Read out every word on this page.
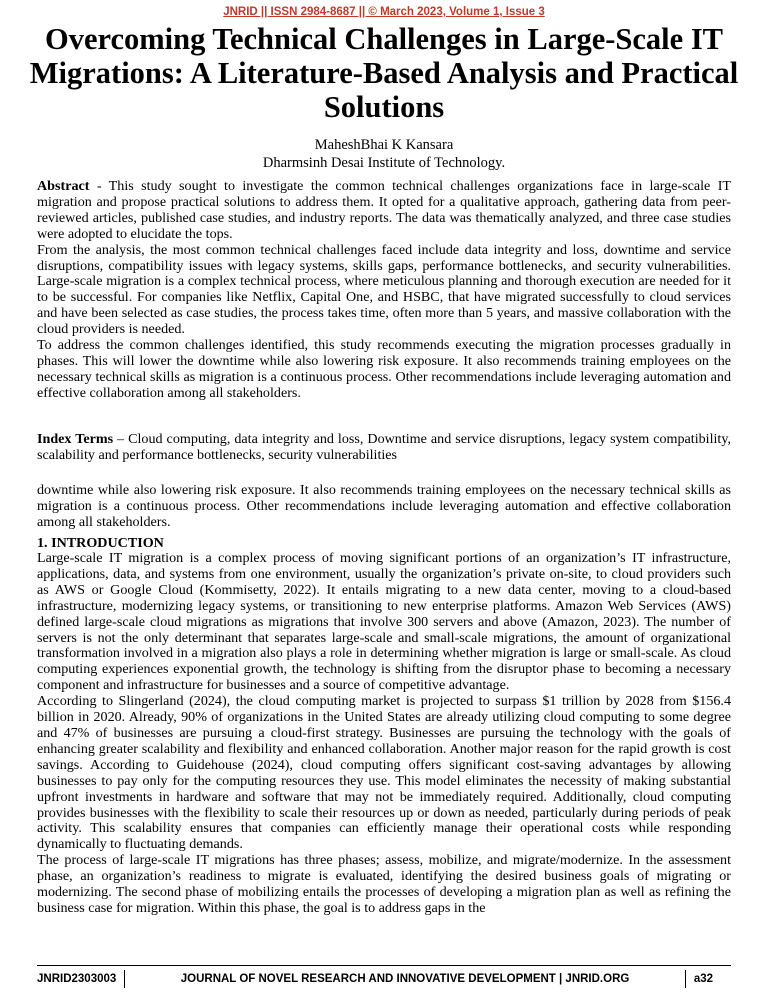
JNRID || ISSN 2984-8687 || © March 2023, Volume 1, Issue 3
Overcoming Technical Challenges in Large-Scale IT Migrations: A Literature-Based Analysis and Practical Solutions
MaheshBhai K Kansara
Dharmsinh Desai Institute of Technology.

Abstract - This study sought to investigate the common technical challenges organizations face in large-scale IT migration and propose practical solutions to address them. It opted for a qualitative approach, gathering data from peer-reviewed articles, published case studies, and industry reports. The data was thematically analyzed, and three case studies were adopted to elucidate the tops.

From the analysis, the most common technical challenges faced include data integrity and loss, downtime and service disruptions, compatibility issues with legacy systems, skills gaps, performance bottlenecks, and security vulnerabilities. Large-scale migration is a complex technical process, where meticulous planning and thorough execution are needed for it to be successful. For companies like Netflix, Capital One, and HSBC, that have migrated successfully to cloud services and have been selected as case studies, the process takes time, often more than 5 years, and massive collaboration with the cloud providers is needed.

To address the common challenges identified, this study recommends executing the migration processes gradually in phases. This will lower the downtime while also lowering risk exposure. It also recommends training employees on the necessary technical skills as migration is a continuous process. Other recommendations include leveraging automation and effective collaboration among all stakeholders.

Index Terms – Cloud computing, data integrity and loss, Downtime and service disruptions, legacy system compatibility, scalability and performance bottlenecks, security vulnerabilities

downtime while also lowering risk exposure. It also recommends training employees on the necessary technical skills as migration is a continuous process. Other recommendations include leveraging automation and effective collaboration among all stakeholders.

1. INTRODUCTION

Large-scale IT migration is a complex process of moving significant portions of an organization’s IT infrastructure, applications, data, and systems from one environment, usually the organization’s private on-site, to cloud providers such as AWS or Google Cloud (Kommisetty, 2022). It entails migrating to a new data center, moving to a cloud-based infrastructure, modernizing legacy systems, or transitioning to new enterprise platforms. Amazon Web Services (AWS) defined large-scale cloud migrations as migrations that involve 300 servers and above (Amazon, 2023). The number of servers is not the only determinant that separates large-scale and small-scale migrations, the amount of organizational transformation involved in a migration also plays a role in determining whether migration is large or small-scale. As cloud computing experiences exponential growth, the technology is shifting from the disruptor phase to becoming a necessary component and infrastructure for businesses and a source of competitive advantage.

According to Slingerland (2024), the cloud computing market is projected to surpass $1 trillion by 2028 from $156.4 billion in 2020. Already, 90% of organizations in the United States are already utilizing cloud computing to some degree and 47% of businesses are pursuing a cloud-first strategy. Businesses are pursuing the technology with the goals of enhancing greater scalability and flexibility and enhanced collaboration. Another major reason for the rapid growth is cost savings. According to Guidehouse (2024), cloud computing offers significant cost-saving advantages by allowing businesses to pay only for the computing resources they use. This model eliminates the necessity of making substantial upfront investments in hardware and software that may not be immediately required. Additionally, cloud computing provides businesses with the flexibility to scale their resources up or down as needed, particularly during periods of peak activity. This scalability ensures that companies can efficiently manage their operational costs while responding dynamically to fluctuating demands.

The process of large-scale IT migrations has three phases; assess, mobilize, and migrate/modernize. In the assessment phase, an organization’s readiness to migrate is evaluated, identifying the desired business goals of migrating or modernizing. The second phase of mobilizing entails the processes of developing a migration plan as well as refining the business case for migration. Within this phase, the goal is to address gaps in the

JNRID2303003	JOURNAL OF NOVEL RESEARCH AND INNOVATIVE DEVELOPMENT | JNRID.ORG	a32
